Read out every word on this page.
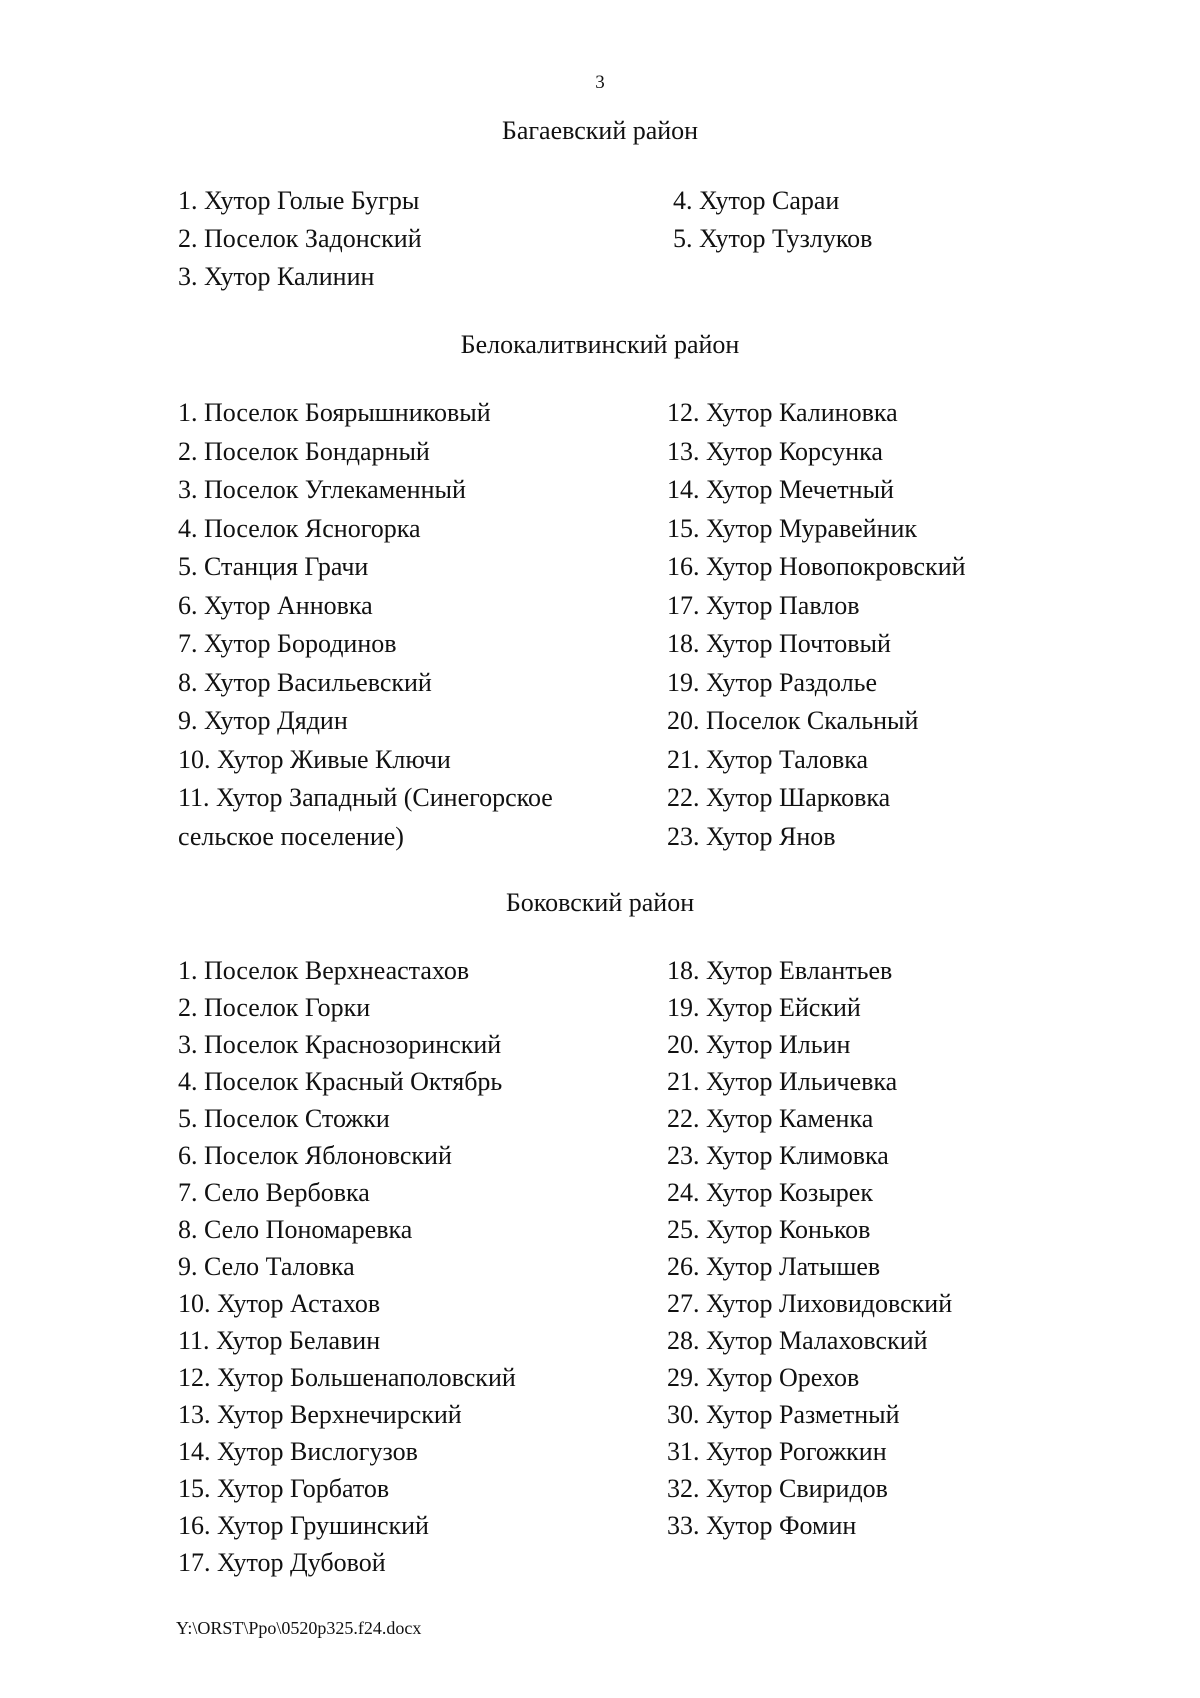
3
Багаевский район
1. Хутор Голые Бугры
2. Поселок Задонский
3. Хутор Калинин
4. Хутор Сараи
5. Хутор Тузлуков
Белокалитвинский район
1. Поселок Боярышниковый
2. Поселок Бондарный
3. Поселок Углекаменный
4. Поселок Ясногорка
5. Станция Грачи
6. Хутор Анновка
7. Хутор Бородинов
8. Хутор Васильевский
9. Хутор Дядин
10. Хутор Живые Ключи
11. Хутор Западный (Синегорское
сельское поселение)
12. Хутор Калиновка
13. Хутор Корсунка
14. Хутор Мечетный
15. Хутор Муравейник
16. Хутор Новопокровский
17. Хутор Павлов
18. Хутор Почтовый
19. Хутор Раздолье
20. Поселок Скальный
21. Хутор Таловка
22. Хутор Шарковка
23. Хутор Янов
Боковский район
1. Поселок Верхнеастахов
2. Поселок Горки
3. Поселок Краснозоринский
4. Поселок Красный Октябрь
5. Поселок Стожки
6. Поселок Яблоновский
7. Село Вербовка
8. Село Пономаревка
9. Село Таловка
10. Хутор Астахов
11. Хутор Белавин
12. Хутор Большенаполовский
13. Хутор Верхнечирский
14. Хутор Вислогузов
15. Хутор Горбатов
16. Хутор Грушинский
17. Хутор Дубовой
18. Хутор Евлантьев
19. Хутор Ейский
20. Хутор Ильин
21. Хутор Ильичевка
22. Хутор Каменка
23. Хутор Климовка
24. Хутор Козырек
25. Хутор Коньков
26. Хутор Латышев
27. Хутор Лиховидовский
28. Хутор Малаховский
29. Хутор Орехов
30. Хутор Разметный
31. Хутор Рогожкин
32. Хутор Свиридов
33. Хутор Фомин
Y:\ORST\Ppo\0520p325.f24.docx
